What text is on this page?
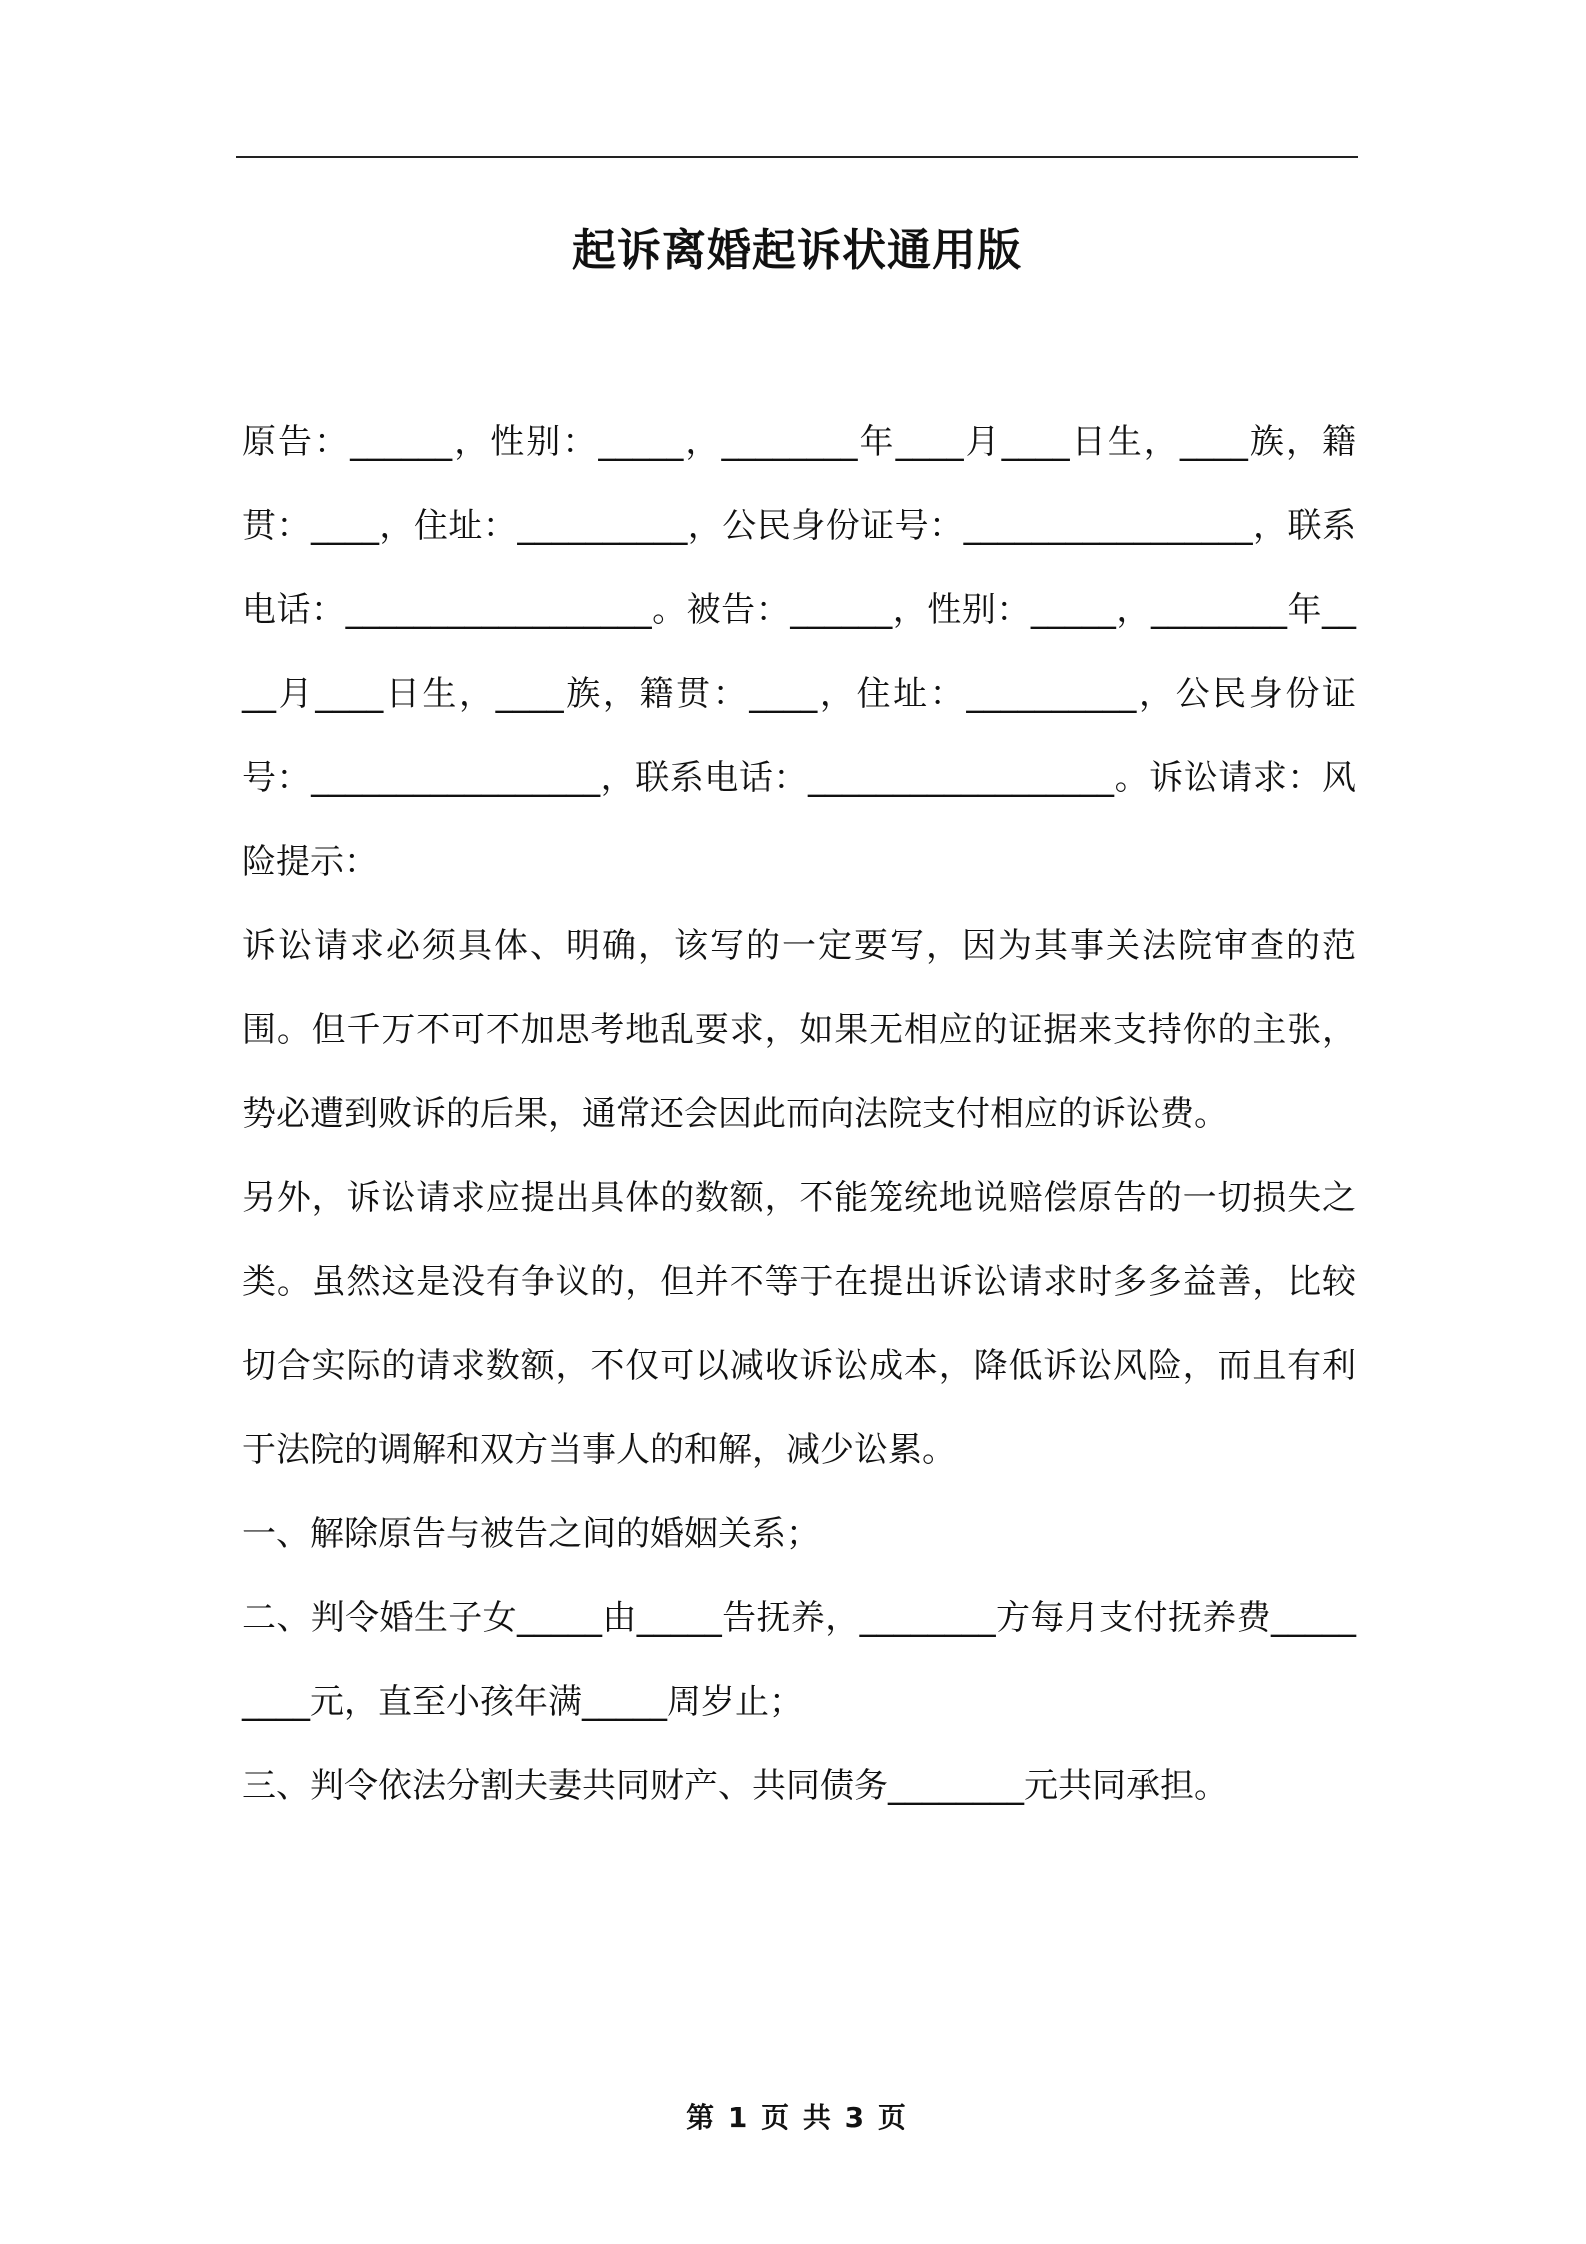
起诉离婚起诉状通用版

原告：______，性别：_____，________年____月____日生，____族，籍贯：____，住址：__________，公民身份证号：_________________，联系电话：__________________。被告：______，性别：_____，________年____月____日生，____族，籍贯：____，住址：__________，公民身份证号：_________________，联系电话：__________________。诉讼请求：风险提示：

诉讼请求必须具体、明确，该写的一定要写，因为其事关法院审查的范围。但千万不可不加思考地乱要求，如果无相应的证据来支持你的主张，势必遭到败诉的后果，通常还会因此而向法院支付相应的诉讼费。

另外，诉讼请求应提出具体的数额，不能笼统地说赔偿原告的一切损失之类。虽然这是没有争议的，但并不等于在提出诉讼请求时多多益善，比较切合实际的请求数额，不仅可以减收诉讼成本，降低诉讼风险，而且有利于法院的调解和双方当事人的和解，减少讼累。

一、解除原告与被告之间的婚姻关系；

二、判令婚生子女_____由_____告抚养，________方每月支付抚养费_________元，直至小孩年满_____周岁止；

三、判令依法分割夫妻共同财产、共同债务________元共同承担。

第 1 页 共 3 页
